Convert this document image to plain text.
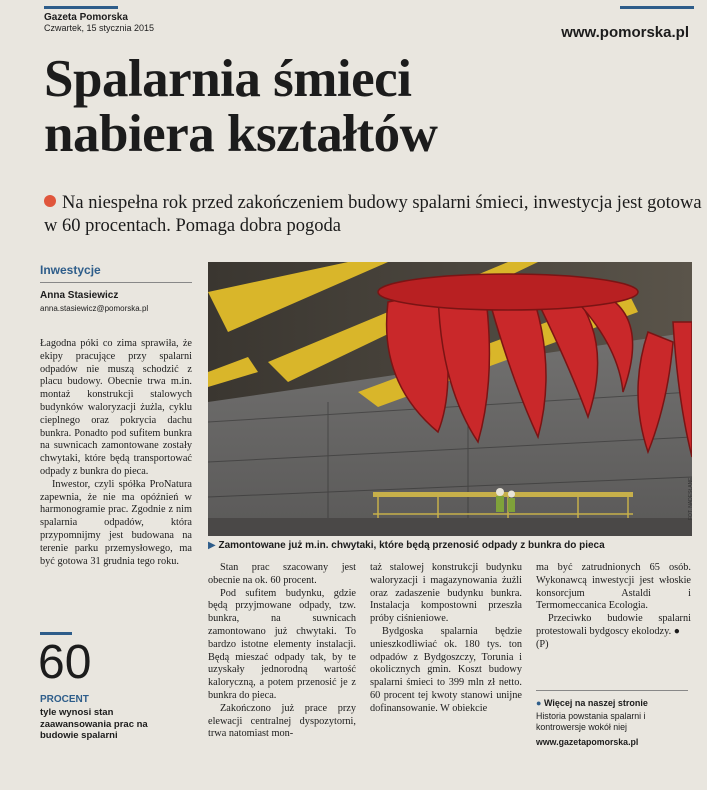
Gazeta Pomorska
Czwartek, 15 stycznia 2015	www.pomorska.pl
Spalarnia śmieci
nabiera kształtów
Na niespełna rok przed zakończeniem budowy spalarni śmieci, inwestycja jest gotowa w 60 procentach. Pomaga dobra pogoda
Inwestycje
Anna Stasiewicz
anna.stasiewicz@pomorska.pl

Łagodna póki co zima sprawiła, że ekipy pracujące przy spalarni odpadów nie muszą schodzić z placu budowy. Obecnie trwa m.in. montaż konstrukcji stalowych budynków waloryzacji żużla, cyklu cieplnego oraz pokrycia dachu bunkra. Ponadto pod sufitem bunkra na suwnicach zamontowane zostały chwytaki, które będą transportować odpady z bunkra do pieca.

Inwestor, czyli spółka ProNatura zapewnia, że nie ma opóźnień w harmonogramie prac. Zgodnie z nim spalarnia odpadów, która przypomnijmy jest budowana na terenie parku przemysłowego, ma być gotowa 31 grudnia tego roku.

FOT. NADESŁANE
▶ Zamontowane już m.in. chwytaki, które będą przenosić odpady z bunkra do pieca

Stan prac szacowany jest obecnie na ok. 60 procent.

Pod sufitem budynku, gdzie będą przyjmowane odpady, tzw. bunkra, na suwnicach zamontowano już chwytaki. To bardzo istotne elementy instalacji. Będą mieszać odpady tak, by te uzyskały jednorodną wartość kaloryczną, a potem przenosić je z bunkra do pieca.

Zakończono już prace przy elewacji centralnej dyspozytorni, trwa natomiast mon-

taż stalowej konstrukcji budynku waloryzacji i magazynowania żużli oraz zadaszenie budynku bunkra. Instalacja kompostowni przeszła próby ciśnieniowe.

Bydgoska spalarnia będzie unieszkodliwiać ok. 180 tys. ton odpadów z Bydgoszczy, Torunia i okolicznych gmin. Koszt budowy spalarni śmieci to 399 mln zł netto. 60 procent tej kwoty stanowi unijne dofinansowanie. W obiekcie

ma być zatrudnionych 65 osób. Wykonawcą inwestycji jest włoskie konsorcjum Astaldi i Termomeccanica Ecologia.

Przeciwko budowie spalarni protestowali bydgoscy ekolodzy. ●

(P)

60
PROCENT
tyle wynosi stan zaawansowania prac na budowie spalarni
● Więcej na naszej stronie
Historia powstania spalarni i kontrowersje wokół niej
www.gazetapomorska.pl
